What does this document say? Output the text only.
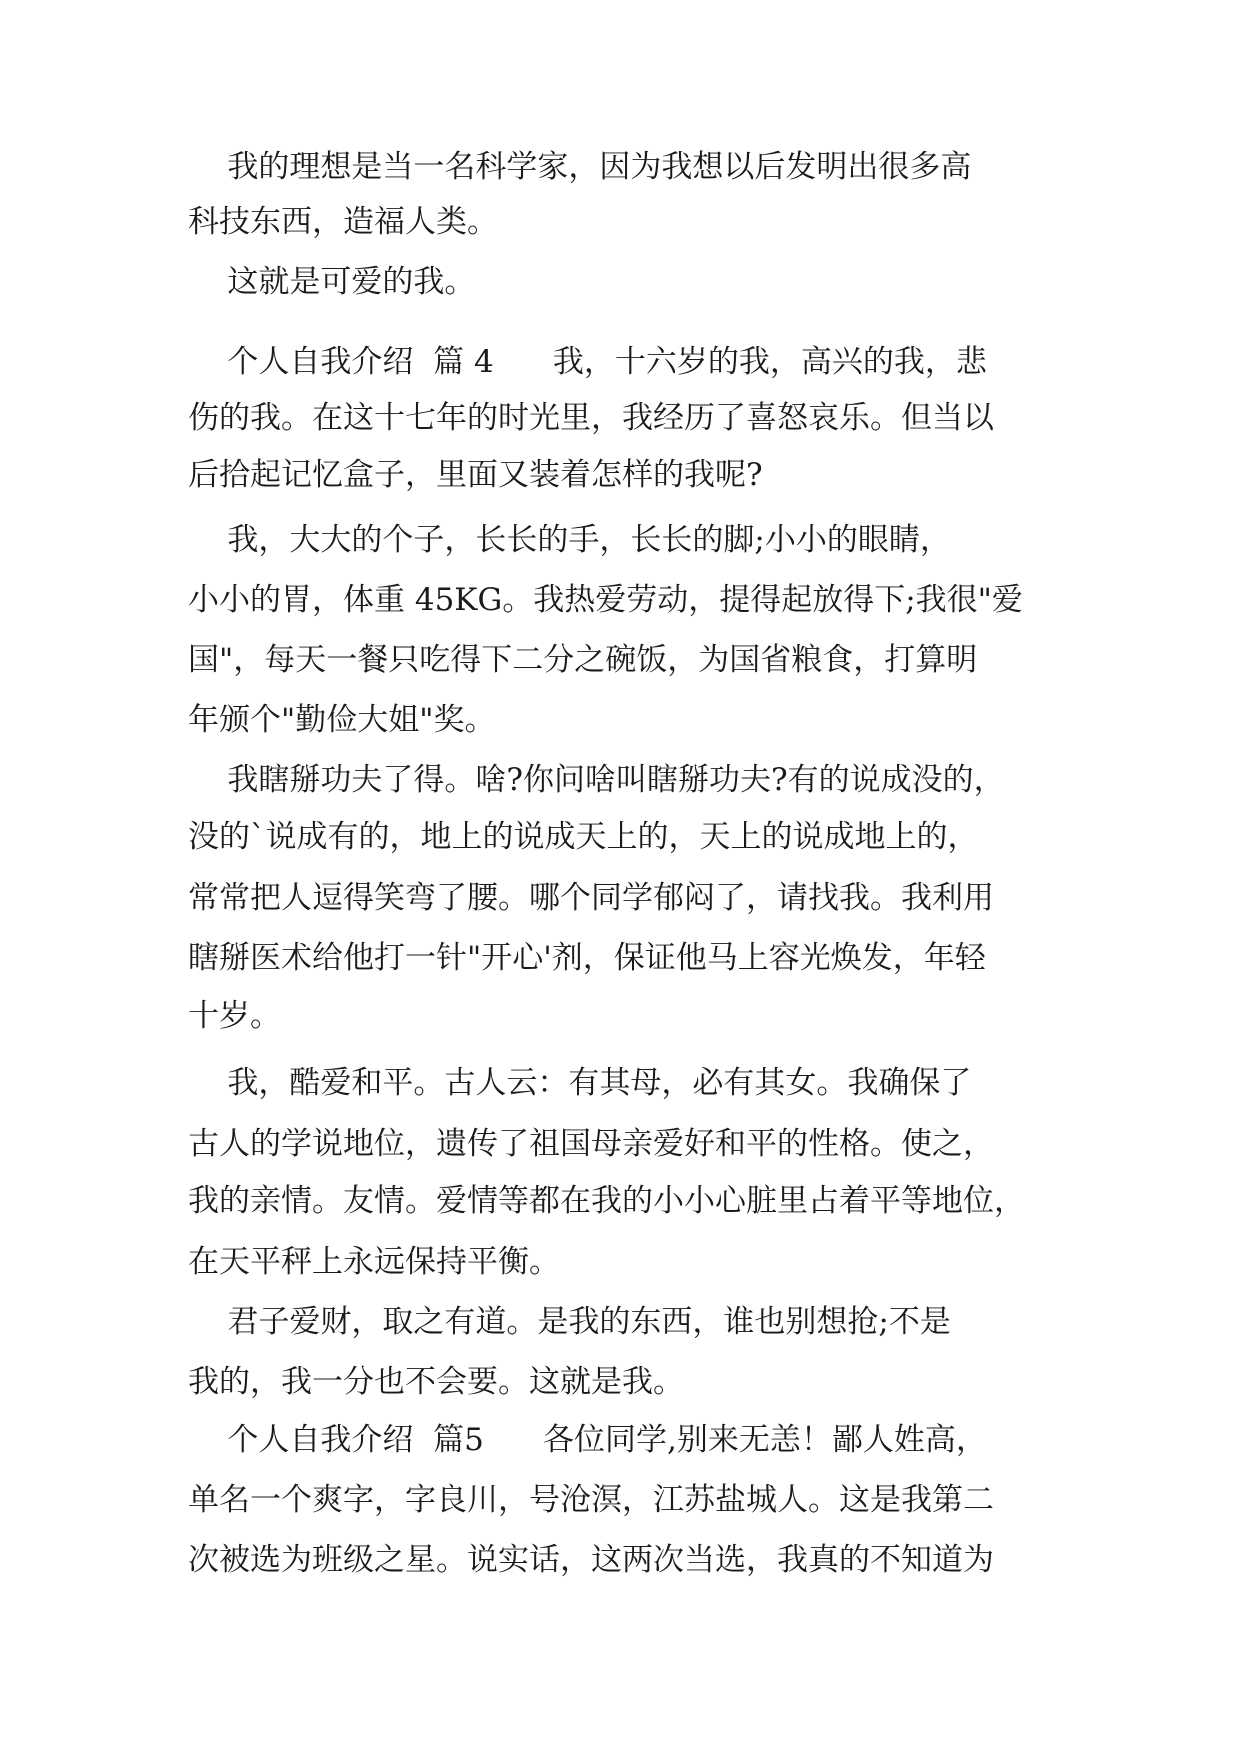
我的理想是当一名科学家，因为我想以后发明出很多高
科技东西，造福人类。
这就是可爱的我。
个人自我介绍  篇 4      我，十六岁的我，高兴的我，悲
伤的我。在这十七年的时光里，我经历了喜怒哀乐。但当以
后拾起记忆盒子，里面又装着怎样的我呢?
我，大大的个子，长长的手，长长的脚;小小的眼睛，
小小的胃，体重 45KG。我热爱劳动，提得起放得下;我很"爱
国"，每天一餐只吃得下二分之碗饭，为国省粮食，打算明
年颁个"勤俭大姐"奖。
我瞎掰功夫了得。啥?你问啥叫瞎掰功夫?有的说成没的，
没的`说成有的，地上的说成天上的，天上的说成地上的，
常常把人逗得笑弯了腰。哪个同学郁闷了，请找我。我利用
瞎掰医术给他打一针"开心'剂，保证他马上容光焕发，年轻
十岁。
我，酷爱和平。古人云：有其母，必有其女。我确保了
古人的学说地位，遗传了祖国母亲爱好和平的性格。使之，
我的亲情。友情。爱情等都在我的小小心脏里占着平等地位，
在天平秤上永远保持平衡。
君子爱财，取之有道。是我的东西，谁也别想抢;不是
我的，我一分也不会要。这就是我。
个人自我介绍  篇5      各位同学,别来无恙！鄙人姓高，
单名一个爽字，字良川，号沧溟，江苏盐城人。这是我第二
次被选为班级之星。说实话，这两次当选，我真的不知道为
